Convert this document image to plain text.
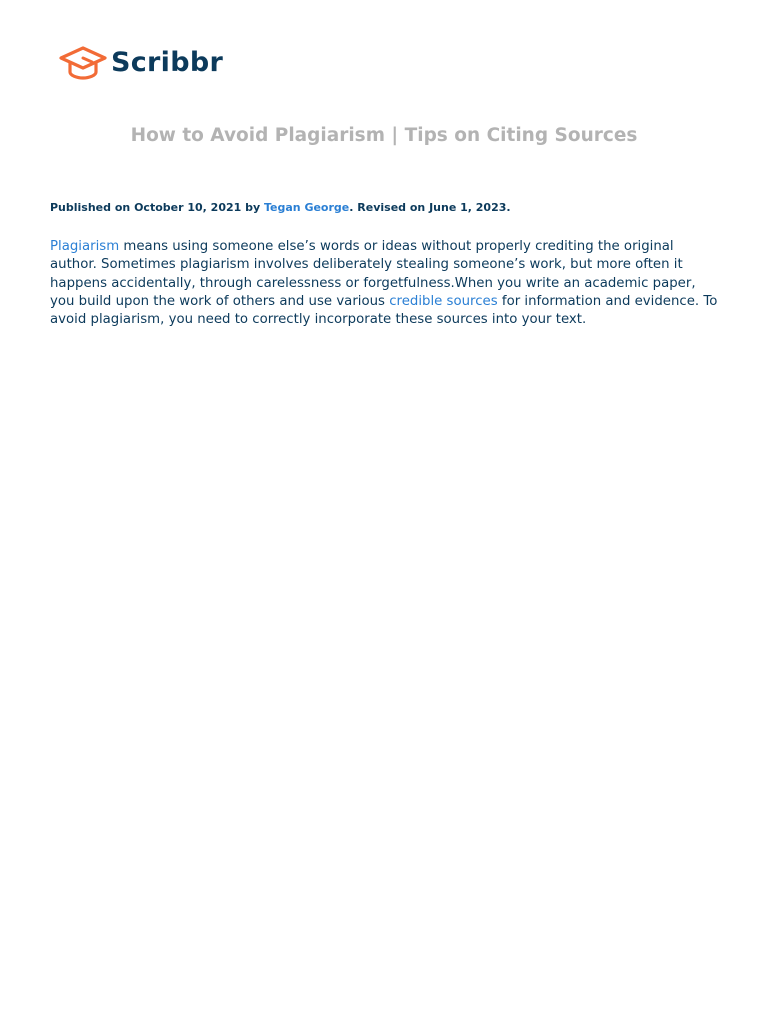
Scribbr
How to Avoid Plagiarism | Tips on Citing Sources
Published on October 10, 2021 by Tegan George. Revised on June 1, 2023.

Plagiarism means using someone else’s words or ideas without properly crediting the original author. Sometimes plagiarism involves deliberately stealing someone’s work, but more often it happens accidentally, through carelessness or forgetfulness.When you write an academic paper, you build upon the work of others and use various credible sources for information and evidence. To avoid plagiarism, you need to correctly incorporate these sources into your text.
